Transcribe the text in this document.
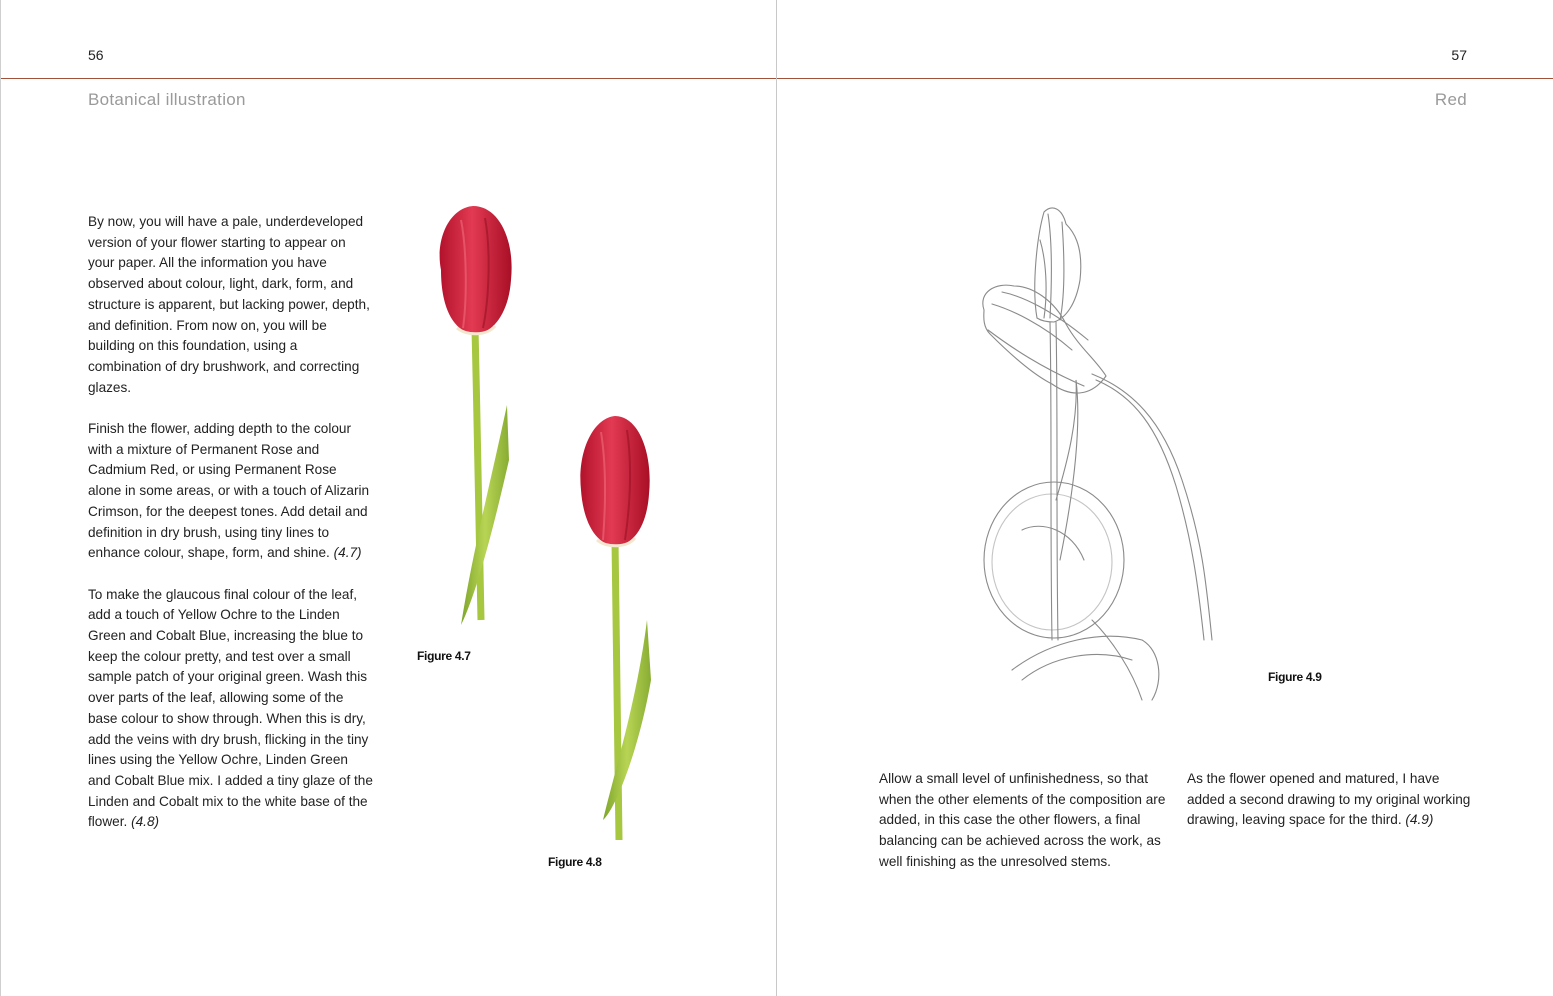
56
Botanical illustration

By now, you will have a pale, underdeveloped version of your flower starting to appear on your paper. All the information you have observed about colour, light, dark, form, and structure is apparent, but lacking power, depth, and definition. From now on, you will be building on this foundation, using a combination of dry brushwork, and correcting glazes.

Finish the flower, adding depth to the colour with a mixture of Permanent Rose and Cadmium Red, or using Permanent Rose alone in some areas, or with a touch of Alizarin Crimson, for the deepest tones. Add detail and definition in dry brush, using tiny lines to enhance colour, shape, form, and shine. (4.7)

To make the glaucous final colour of the leaf, add a touch of Yellow Ochre to the Linden Green and Cobalt Blue, increasing the blue to keep the colour pretty, and test over a small sample patch of your original green. Wash this over parts of the leaf, allowing some of the base colour to show through. When this is dry, add the veins with dry brush, flicking in the tiny lines using the Yellow Ochre, Linden Green and Cobalt Blue mix. I added a tiny glaze of the Linden and Cobalt mix to the white base of the flower. (4.8)

Figure 4.7
Figure 4.8
57
Red
Figure 4.9

Allow a small level of unfinishedness, so that when the other elements of the composition are added, in this case the other flowers, a final balancing can be achieved across the work, as well finishing as the unresolved stems.

As the flower opened and matured, I have added a second drawing to my original working drawing, leaving space for the third. (4.9)
